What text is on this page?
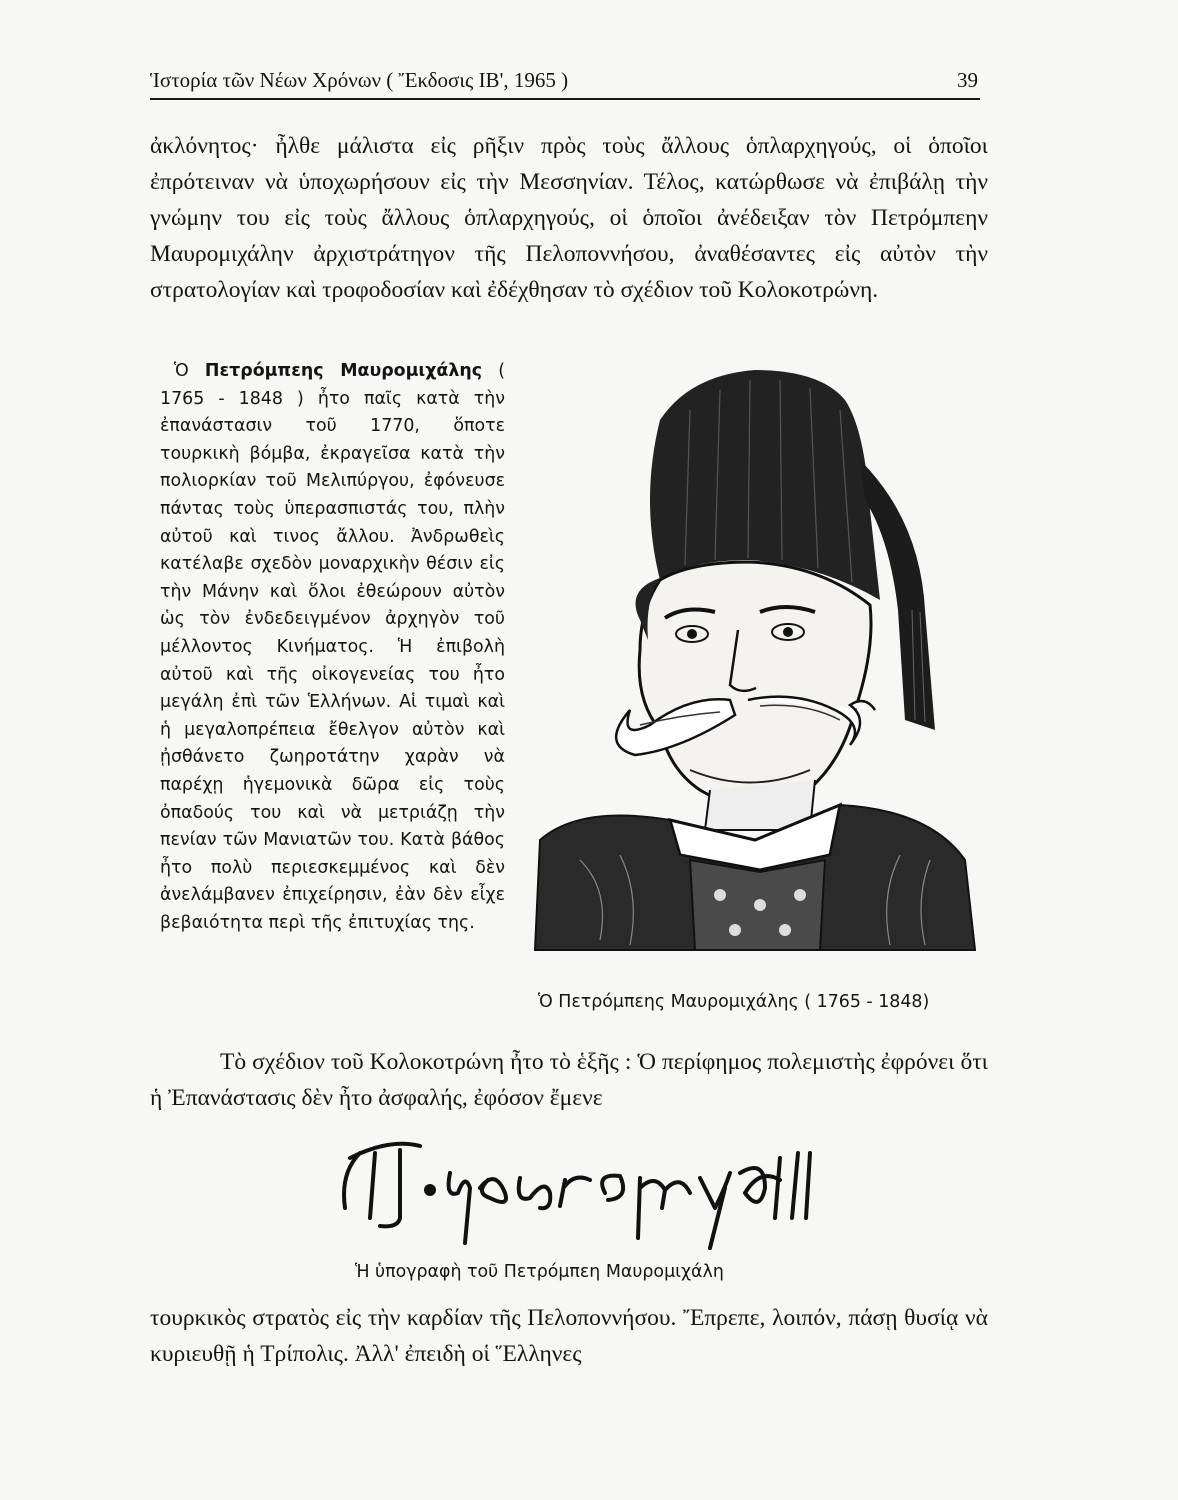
Ἱστορία τῶν Νέων Χρόνων ( Ἔκδοσις ΙΒ', 1965 )	39

ἀκλόνητος· ἦλθε μάλιστα εἰς ρῆξιν πρὸς τοὺς ἄλλους ὁπλαρχηγούς, οἱ ὁποῖοι ἐπρότειναν νὰ ὑποχωρήσουν εἰς τὴν Μεσσηνίαν. Τέλος, κατώρθωσε νὰ ἐπιβάλῃ τὴν γνώμην του εἰς τοὺς ἄλλους ὁπλαρχηγούς, οἱ ὁποῖοι ἀνέδειξαν τὸν Πετρόμπεην Μαυρομιχάλην ἀρχιστράτηγον τῆς Πελοποννήσου, ἀναθέσαντες εἰς αὐτὸν τὴν στρατολογίαν καὶ τροφοδοσίαν καὶ ἐδέχθησαν τὸ σχέδιον τοῦ Κολοκοτρώνη.

Ὁ Πετρόμπεης Μαυρομιχάλης ( 1765 - 1848 ) ἦτο παῖς κατὰ τὴν ἐπανάστασιν τοῦ 1770, ὅποτε τουρκικὴ βόμβα, ἐκραγεῖσα κατὰ τὴν πολιορκίαν τοῦ Μελιπύργου, ἐφόνευσε πάντας τοὺς ὑπερασπιστάς του, πλὴν αὐτοῦ καὶ τινος ἄλλου. Ἀνδρωθεὶς κατέλαβε σχεδὸν μοναρχικὴν θέσιν εἰς τὴν Μάνην καὶ ὅλοι ἐθεώρουν αὐτὸν ὡς τὸν ἐνδεδειγμένον ἀρχηγὸν τοῦ μέλλοντος Κινήματος. Ἡ ἐπιβολὴ αὐτοῦ καὶ τῆς οἰκογενείας του ἦτο μεγάλη ἐπὶ τῶν Ἑλλήνων. Αἱ τιμαὶ καὶ ἡ μεγαλοπρέπεια ἔθελγον αὐτὸν καὶ ᾐσθάνετο ζωηροτάτην χαρὰν νὰ παρέχῃ ἡγεμονικὰ δῶρα εἰς τοὺς ὀπαδούς του καὶ νὰ μετριάζῃ τὴν πενίαν τῶν Μανιατῶν του. Κατὰ βάθος ἦτο πολὺ περιεσκεμμένος καὶ δὲν ἀνελάμβανεν ἐπιχείρησιν, ἐὰν δὲν εἶχε βεβαιότητα περὶ τῆς ἐπιτυχίας της.
Ὁ Πετρόμπεης Μαυρομιχάλης ( 1765 - 1848)

Τὸ σχέδιον τοῦ Κολοκοτρώνη ἦτο τὸ ἑξῆς : Ὁ περίφημος πολεμιστὴς ἐφρόνει ὅτι ἡ Ἐπανάστασις δὲν ἦτο ἀσφαλής, ἐφόσον ἔμενε

Ἡ ὑπογραφὴ τοῦ Πετρόμπεη Μαυρομιχάλη

τουρκικὸς στρατὸς εἰς τὴν καρδίαν τῆς Πελοποννήσου. Ἔπρεπε, λοιπόν, πάσῃ θυσίᾳ νὰ κυριευθῇ ἡ Τρίπολις. Ἀλλ' ἐπειδὴ οἱ Ἕλληνες
